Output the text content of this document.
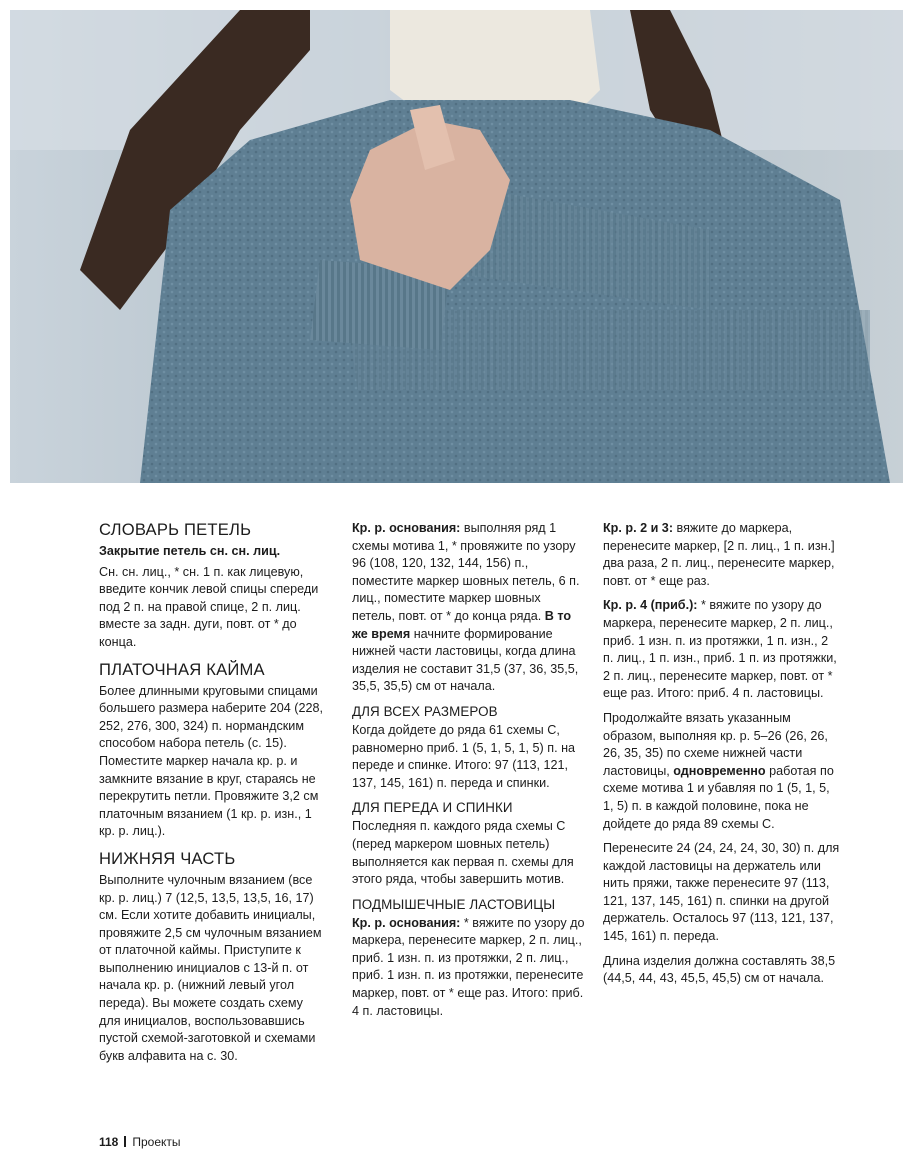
СЛОВАРЬ ПЕТЕЛЬ

Закрытие петель сн. сн. лиц.

Сн. сн. лиц., * сн. 1 п. как лицевую, введите кончик левой спицы спереди под 2 п. на правой спице, 2 п. лиц. вместе за задн. дуги, повт. от * до конца.

ПЛАТОЧНАЯ КАЙМА

Более длинными круговыми спицами большего размера наберите 204 (228, 252, 276, 300, 324) п. нормандским способом набора петель (с. 15). Поместите маркер начала кр. р. и замкните вязание в круг, стараясь не перекрутить петли. Провяжите 3,2 см платочным вязанием (1 кр. р. изн., 1 кр. р. лиц.).

НИЖНЯЯ ЧАСТЬ

Выполните чулочным вязанием (все кр. р. лиц.) 7 (12,5, 13,5, 13,5, 16, 17) см. Если хотите добавить инициалы, провяжите 2,5 см чулочным вязанием от платочной каймы. Приступите к выполнению инициалов с 13-й п. от начала кр. р. (нижний левый угол переда). Вы можете создать схему для инициалов, воспользовавшись пустой схемой-заготовкой и схемами букв алфавита на с. 30.

Кр. р. основания: выполняя ряд 1 схемы мотива 1, * провяжите по узору 96 (108, 120, 132, 144, 156) п., поместите маркер шовных петель, 6 п. лиц., поместите маркер шовных петель, повт. от * до конца ряда. В то же время начните формирование нижней части ластовицы, когда длина изделия не составит 31,5 (37, 36, 35,5, 35,5, 35,5) см от начала.

ДЛЯ ВСЕХ РАЗМЕРОВ

Когда дойдете до ряда 61 схемы C, равномерно приб. 1 (5, 1, 5, 1, 5) п. на переде и спинке. Итого: 97 (113, 121, 137, 145, 161) п. переда и спинки.

ДЛЯ ПЕРЕДА И СПИНКИ

Последняя п. каждого ряда схемы C (перед маркером шовных петель) выполняется как первая п. схемы для этого ряда, чтобы завершить мотив.

ПОДМЫШЕЧНЫЕ ЛАСТОВИЦЫ

Кр. р. основания: * вяжите по узору до маркера, перенесите маркер, 2 п. лиц., приб. 1 изн. п. из протяжки, 2 п. лиц., приб. 1 изн. п. из протяжки, перенесите маркер, повт. от * еще раз. Итого: приб. 4 п. ластовицы.

Кр. р. 2 и 3: вяжите до маркера, перенесите маркер, [2 п. лиц., 1 п. изн.] два раза, 2 п. лиц., перенесите маркер, повт. от * еще раз.

Кр. р. 4 (приб.): * вяжите по узору до маркера, перенесите маркер, 2 п. лиц., приб. 1 изн. п. из протяжки, 1 п. изн., 2 п. лиц., 1 п. изн., приб. 1 п. из протяжки, 2 п. лиц., перенесите маркер, повт. от * еще раз. Итого: приб. 4 п. ластовицы.

Продолжайте вязать указанным образом, выполняя кр. р. 5–26 (26, 26, 26, 35, 35) по схеме нижней части ластовицы, одновременно работая по схеме мотива 1 и убавляя по 1 (5, 1, 5, 1, 5) п. в каждой половине, пока не дойдете до ряда 89 схемы C.

Перенесите 24 (24, 24, 24, 30, 30) п. для каждой ластовицы на держатель или нить пряжи, также перенесите 97 (113, 121, 137, 145, 161) п. спинки на другой держатель. Осталось 97 (113, 121, 137, 145, 161) п. переда.

Длина изделия должна составлять 38,5 (44,5, 44, 43, 45,5, 45,5) см от начала.

118 Проекты
